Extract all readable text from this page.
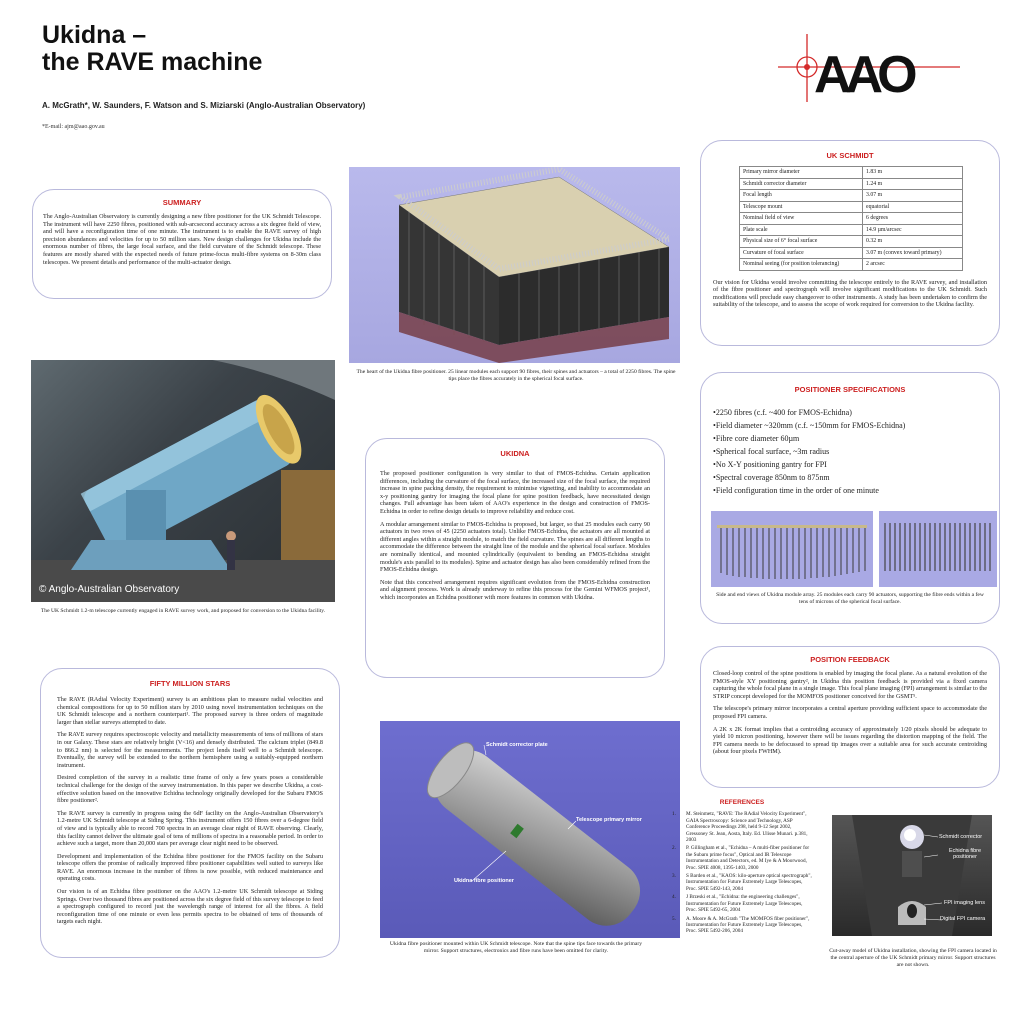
Ukidna –
the RAVE machine
A. McGrath*, W. Saunders, F. Watson and S. Miziarski (Anglo-Australian Observatory)
*E-mail: ajm@aao.gov.au
AAO
SUMMARY

The Anglo-Australian Observatory is currently designing a new fibre positioner for the UK Schmidt Telescope. The instrument will have 2250 fibres, positioned with sub-arcsecond accuracy across a six degree field of view, and will have a reconfiguration time of one minute. The instrument is to enable the RAVE survey of high precision abundances and velocities for up to 50 million stars. New design challenges for Ukidna include the enormous number of fibres, the large focal surface, and the field curvature of the Schmidt telescope. These features are mostly shared with the expected needs of future prime-focus multi-fibre systems on 8-30m class telescopes. We present details and performance of the multi-actuator design.

The heart of the Ukidna fibre positioner. 25 linear modules each support 90 fibres, their spines and actuators – a total of 2250 fibres. The spine tips place the fibres accurately in the spherical focal surface.
UK SCHMIDT
Primary mirror diameter	1.83 m
Schmidt corrector diameter	1.24 m
Focal length	3.07 m
Telescope mount	equatorial
Nominal field of view	6 degrees
Plate scale	14.9 µm/arcsec
Physical size of 6° focal surface	0.32 m
Curvature of focal surface	3.07 m (convex toward primary)
Nominal seeing (for position tolerancing)	2 arcsec

Our vision for Ukidna would involve committing the telescope entirely to the RAVE survey, and installation of the fibre positioner and spectrograph will involve significant modifications to the UK Schmidt. Such modifications will preclude easy changeover to other instruments. A study has been undertaken to confirm the suitability of the telescope, and to assess the scope of work required for conversion to the Ukidna facility.

© Anglo-Australian Observatory
The UK Schmidt 1.2-m telescope currently engaged in RAVE survey work, and proposed for conversion to the Ukidna facility.
UKIDNA

The proposed positioner configuration is very similar to that of FMOS-Echidna. Certain application differences, including the curvature of the focal surface, the increased size of the focal surface, the required increase in spine packing density, the requirement to minimise vignetting, and inability to accommodate an x-y positioning gantry for imaging the focal plane for spine position feedback, have necessitated design changes. Full advantage has been taken of AAO's experience in the design and construction of FMOS-Echidna in order to refine design details to improve reliability and reduce cost.

A modular arrangement similar to FMOS-Echidna is proposed, but larger, so that 25 modules each carry 90 actuators in two rows of 45 (2250 actuators total). Unlike FMOS-Echidna, the actuators are all mounted at different angles within a straight module, to match the field curvature. The spines are all different lengths to accommodate the difference between the straight line of the module and the spherical focal surface. Modules are nominally identical, and mounted cylindrically (equivalent to bending an FMOS-Echidna straight module's axis parallel to its modules). Spine and actuator design has also been considerably refined from the FMOS-Echidna design.

Note that this conceived arrangement requires significant evolution from the FMOS-Echidna construction and alignment process. Work is already underway to refine this process for the Gemini WFMOS project¹, which incorporates an Echidna positioner with more features in common with Ukidna.

POSITIONER SPECIFICATIONS
• 2250 fibres (c.f. ~400 for FMOS-Echidna)
• Field diameter ~320mm (c.f. ~150mm for FMOS-Echidna)
• Fibre core diameter 60µm
• Spherical focal surface, ~3m radius
• No X-Y positioning gantry for FPI
• Spectral coverage 850nm to 875nm
• Field configuration time in the order of one minute
Side and end views of Ukidna module array. 25 modules each carry 90 actuators, supporting the fibre ends within a few tens of microns of the spherical focal surface.
FIFTY MILLION STARS

The RAVE (RAdial Velocity Experiment) survey is an ambitious plan to measure radial velocities and chemical compositions for up to 50 million stars by 2010 using novel instrumentation techniques on the UK Schmidt telescope and a northern counterpart¹. The proposed survey is three orders of magnitude larger than stellar surveys attempted to date.

The RAVE survey requires spectroscopic velocity and metallicity measurements of tens of millions of stars in our Galaxy. These stars are relatively bright (V<16) and densely distributed. The calcium triplet (849.8 to 866.2 nm) is selected for the measurements. The project lends itself well to a Schmidt telescope. Eventually, the survey will be extended to the northern hemisphere using a suitably-equipped northern instrument.

Desired completion of the survey in a realistic time frame of only a few years poses a considerable technical challenge for the design of the survey instrumentation. In this paper we describe Ukidna, a cost-effective solution based on the innovative Echidna technology originally developed for the Subaru FMOS fibre positioner².

The RAVE survey is currently in progress using the 6dF facility on the Anglo-Australian Observatory's 1.2-metre UK Schmidt telescope at Siding Spring. This instrument offers 150 fibres over a 6-degree field of view and is typically able to record 700 spectra in an average clear night of RAVE observing. Clearly, this facility cannot deliver the ultimate goal of tens of millions of spectra in a reasonable period. In order to achieve such a target, more than 20,000 stars per average clear night need to be observed.

Development and implementation of the Echidna fibre positioner for the FMOS facility on the Subaru telescope offers the promise of radically improved fibre positioner capabilities well suited to surveys like RAVE. An enormous increase in the number of fibres is now possible, with reduced maintenance and operating costs.

Our vision is of an Echidna fibre positioner on the AAO's 1.2-metre UK Schmidt telescope at Siding Springs. Over two thousand fibres are positioned across the six degree field of this survey telescope to feed a spectrograph configured to record just the wavelength range of interest for all the fibres. A field reconfiguration time of one minute or even less permits spectra to be obtained of tens of thousands of targets each night.

Schmidt corrector plate
Telescope primary mirror
Ukidna fibre positioner
Ukidna fibre positioner mounted within UK Schmidt telescope. Note that the spine tips face towards the primary mirror. Support structures, electronics and fibre runs have been omitted for clarity.
POSITION FEEDBACK

Closed-loop control of the spine positions is enabled by imaging the focal plane. As a natural evolution of the FMOS-style XY positioning gantry², in Ukidna this position feedback is provided via a fixed camera capturing the whole focal plane in a single image. This focal plane imaging (FPI) arrangement is similar to the STRIP concept developed for the MOMFOS positioner conceived for the GSMT⁵.

The telescope's primary mirror incorporates a central aperture providing sufficient space to accommodate the proposed FPI camera.

A 2K x 2K format implies that a centroiding accuracy of approximately 1/20 pixels should be adequate to yield 10 micron positioning, however there will be issues regarding the distortion mapping of the field. The FPI camera needs to be defocussed to spread tip images over a suitable area for such accurate centroiding (about four pixels FWHM).

REFERENCES
1.	M. Steinmetz, "RAVE: The RAdial Velocity Experiment", GAIA Spectroscopy: Science and Technology, ASP Conference Proceedings 298, held 9-12 Sept 2002, Gressoney St. Jean, Aosta, Italy. Ed. Ulisse Munari. p.381, 2003
2.	P. Gillingham et al., "Echidna – A multi-fiber positioner for the Subaru prime focus", Optical and IR Telescope Instrumentation and Detectors, ed. M Iye & A Moorwood, Proc. SPIE 4008, 1395-1403, 2000
3.	S Barden et al., "KAOS: kilo-aperture optical spectrograph", Instrumentation for Future Extremely Large Telescopes, Proc. SPIE 5492-143, 2004
4.	J Brzeski et al., "Echidna: the engineering challenges", Instrumentation for Future Extremely Large Telescopes, Proc. SPIE 5492-65, 2004
5.	A. Moore & A. McGrath "The MOMFOS fiber positioner", Instrumentation for Future Extremely Large Telescopes, Proc. SPIE 5492-206, 2004
Schmidt corrector
Echidna fibre positioner
FPI imaging lens
Digital FPI camera
Cut-away model of Ukidna installation, showing the FPI camera located in the central aperture of the UK Schmidt primary mirror. Support structures are not shown.
